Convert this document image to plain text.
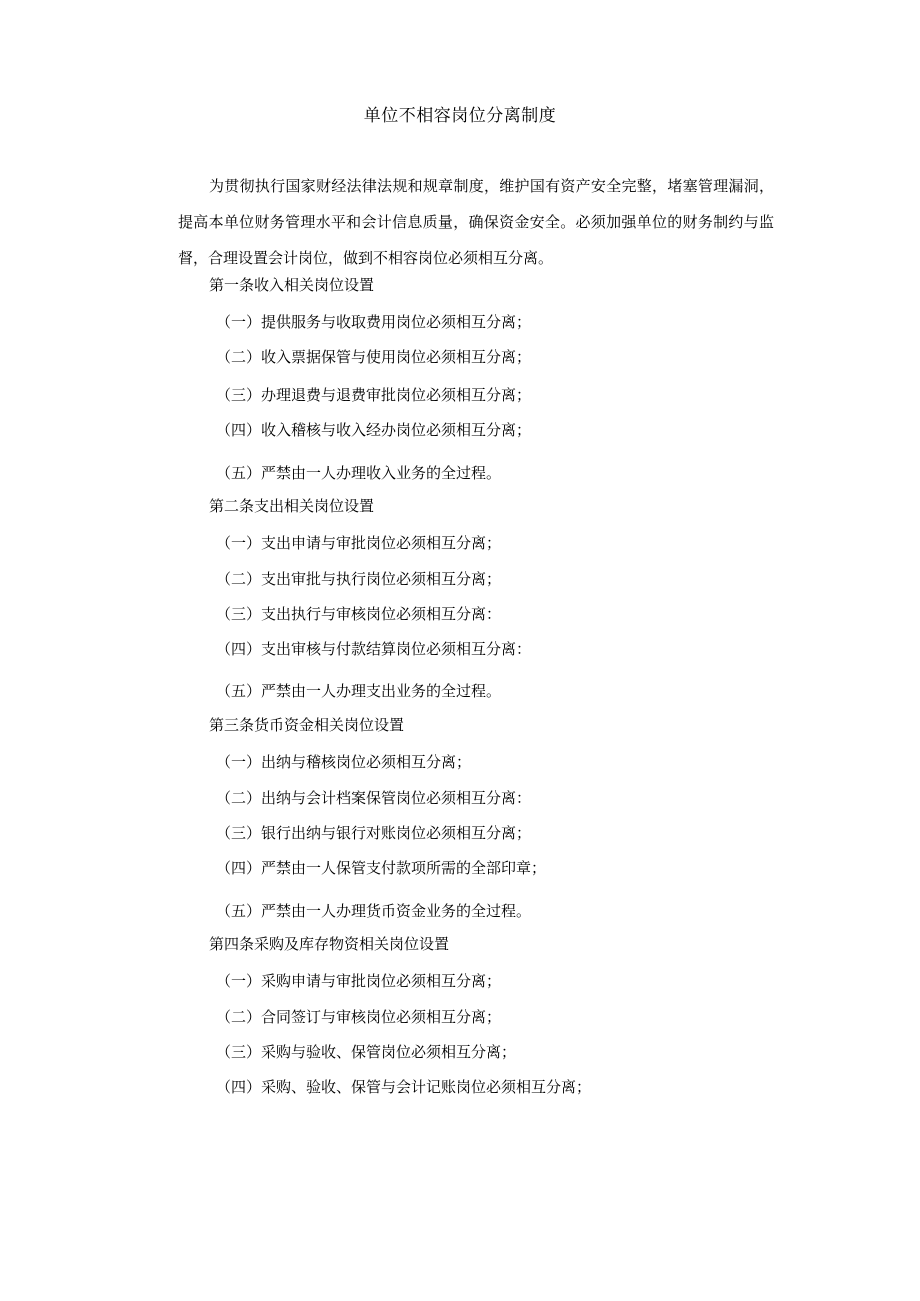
单位不相容岗位分离制度

为贯彻执行国家财经法律法规和规章制度，维护国有资产安全完整，堵塞管理漏洞，提高本单位财务管理水平和会计信息质量，确保资金安全。必须加强单位的财务制约与监督，合理设置会计岗位，做到不相容岗位必须相互分离。

第一条收入相关岗位设置
（一）提供服务与收取费用岗位必须相互分离；
（二）收入票据保管与使用岗位必须相互分离；
（三）办理退费与退费审批岗位必须相互分离；
（四）收入稽核与收入经办岗位必须相互分离；
（五）严禁由一人办理收入业务的全过程。
第二条支出相关岗位设置
（一）支出申请与审批岗位必须相互分离；
（二）支出审批与执行岗位必须相互分离；
（三）支出执行与审核岗位必须相互分离：
（四）支出审核与付款结算岗位必须相互分离：
（五）严禁由一人办理支出业务的全过程。
第三条货币资金相关岗位设置
（一）出纳与稽核岗位必须相互分离；
（二）出纳与会计档案保管岗位必须相互分离：
（三）银行出纳与银行对账岗位必须相互分离；
（四）严禁由一人保管支付款项所需的全部印章；
（五）严禁由一人办理货币资金业务的全过程。
第四条采购及库存物资相关岗位设置
（一）采购申请与审批岗位必须相互分离；
（二）合同签订与审核岗位必须相互分离；
（三）采购与验收、保管岗位必须相互分离；
（四）采购、验收、保管与会计记账岗位必须相互分离；
